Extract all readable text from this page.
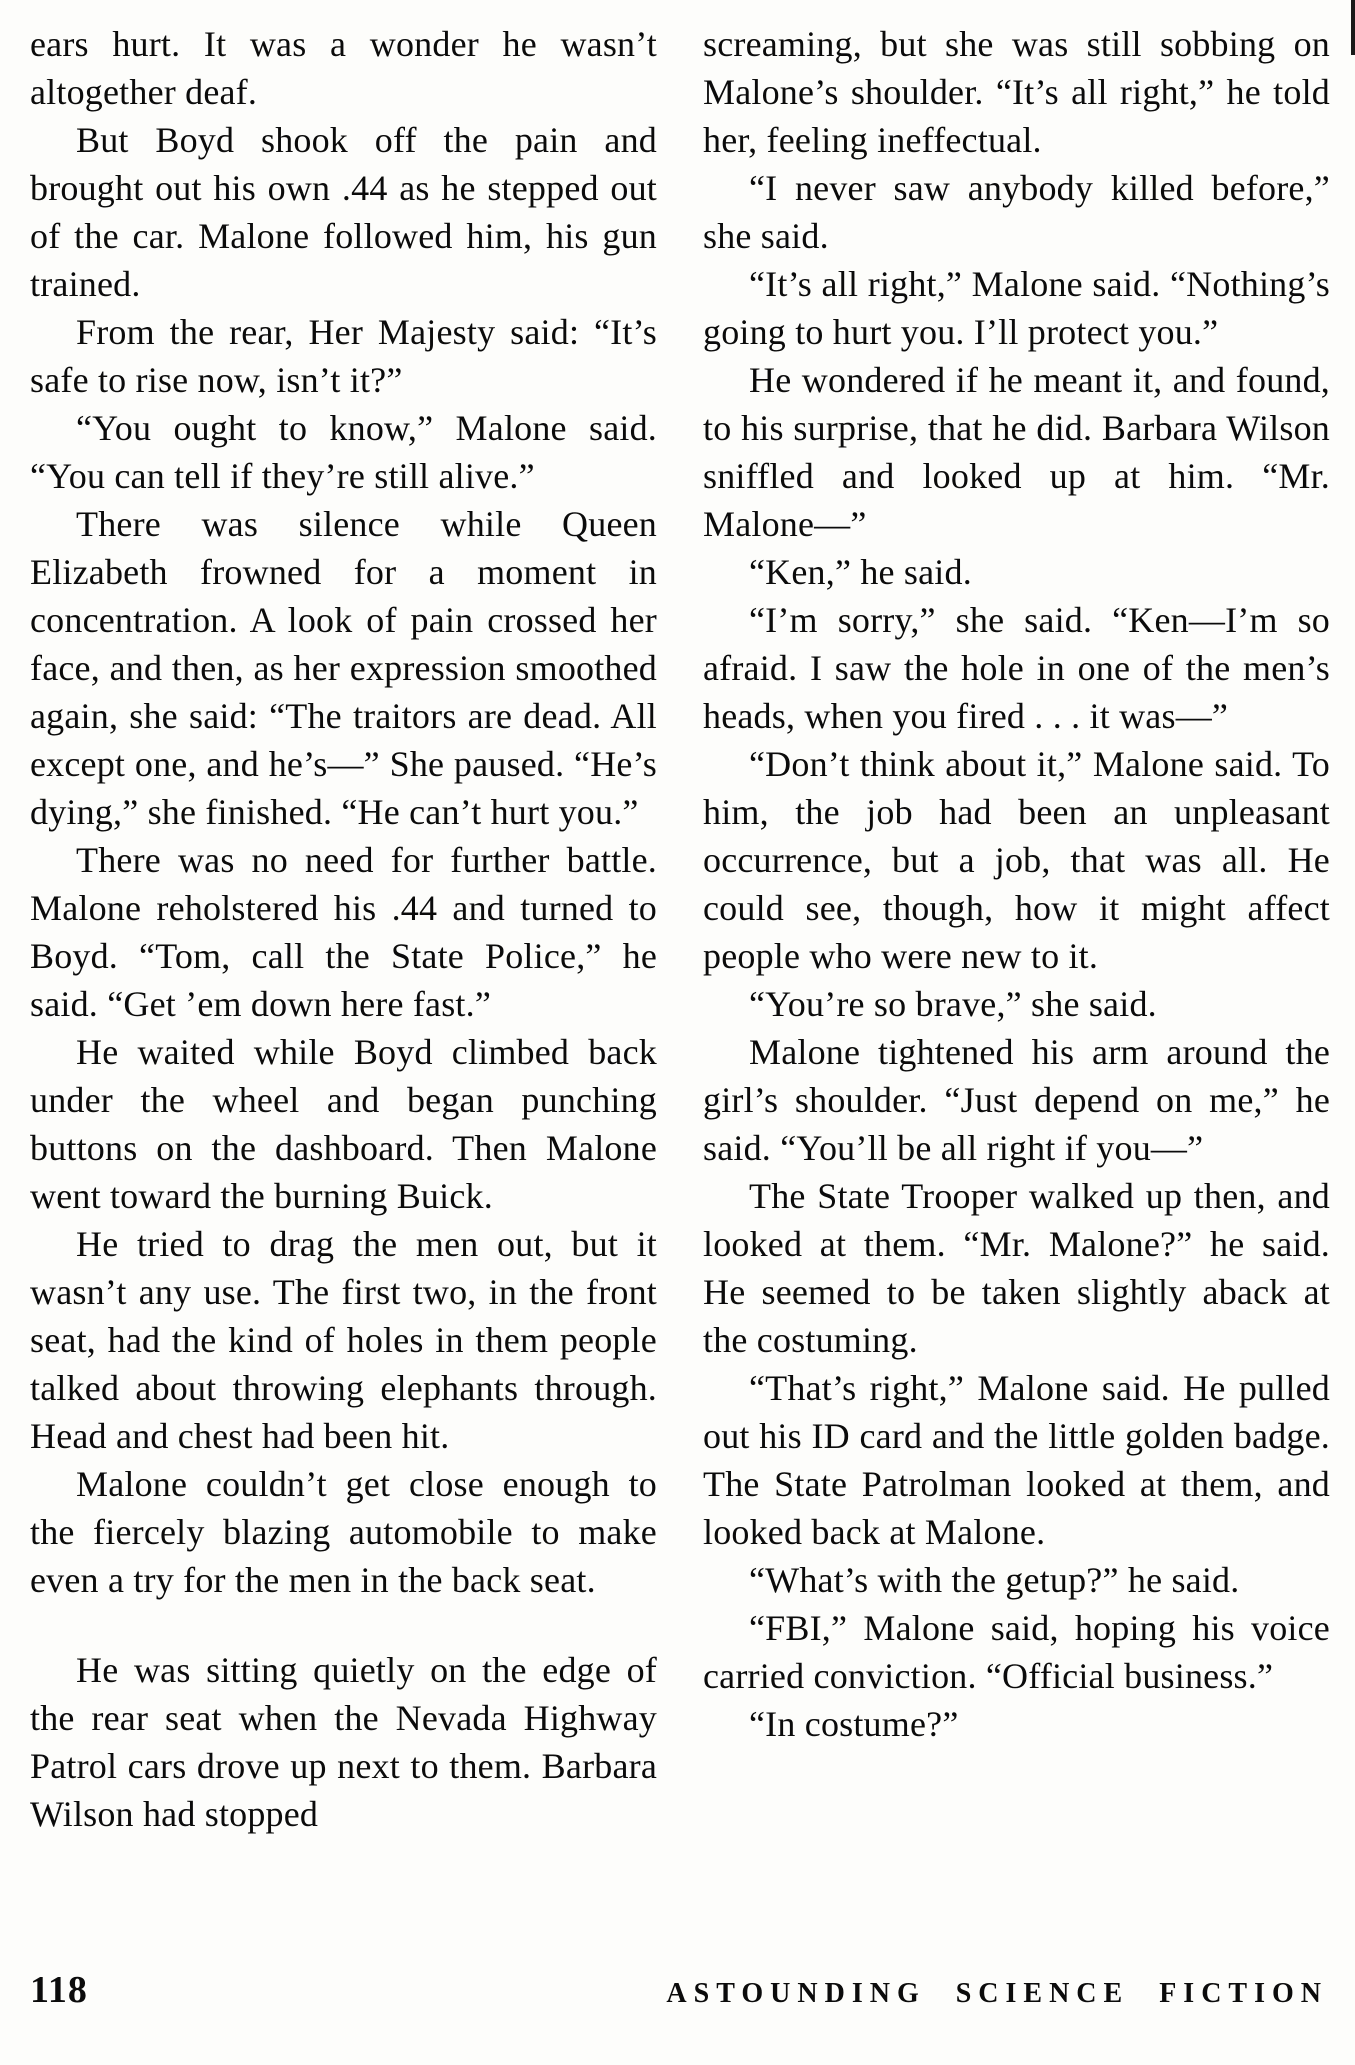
ears hurt. It was a wonder he wasn’t altogether deaf.

But Boyd shook off the pain and brought out his own .44 as he stepped out of the car. Malone followed him, his gun trained.

From the rear, Her Majesty said: “It’s safe to rise now, isn’t it?”

“You ought to know,” Malone said. “You can tell if they’re still alive.”

There was silence while Queen Elizabeth frowned for a moment in concentration. A look of pain crossed her face, and then, as her expression smoothed again, she said: “The traitors are dead. All except one, and he’s—” She paused. “He’s dying,” she finished. “He can’t hurt you.”

There was no need for further battle. Malone reholstered his .44 and turned to Boyd. “Tom, call the State Police,” he said. “Get ’em down here fast.”

He waited while Boyd climbed back under the wheel and began punching buttons on the dashboard. Then Malone went toward the burning Buick.

He tried to drag the men out, but it wasn’t any use. The first two, in the front seat, had the kind of holes in them people talked about throwing elephants through. Head and chest had been hit.

Malone couldn’t get close enough to the fiercely blazing automobile to make even a try for the men in the back seat.

He was sitting quietly on the edge of the rear seat when the Nevada Highway Patrol cars drove up next to them. Barbara Wilson had stopped

screaming, but she was still sobbing on Malone’s shoulder. “It’s all right,” he told her, feeling ineffectual.

“I never saw anybody killed before,” she said.

“It’s all right,” Malone said. “Nothing’s going to hurt you. I’ll protect you.”

He wondered if he meant it, and found, to his surprise, that he did. Barbara Wilson sniffled and looked up at him. “Mr. Malone—”

“Ken,” he said.

“I’m sorry,” she said. “Ken—I’m so afraid. I saw the hole in one of the men’s heads, when you fired . . . it was—”

“Don’t think about it,” Malone said. To him, the job had been an unpleasant occurrence, but a job, that was all. He could see, though, how it might affect people who were new to it.

“You’re so brave,” she said.

Malone tightened his arm around the girl’s shoulder. “Just depend on me,” he said. “You’ll be all right if you—”

The State Trooper walked up then, and looked at them. “Mr. Malone?” he said. He seemed to be taken slightly aback at the costuming.

“That’s right,” Malone said. He pulled out his ID card and the little golden badge. The State Patrolman looked at them, and looked back at Malone.

“What’s with the getup?” he said.

“FBI,” Malone said, hoping his voice carried conviction. “Official business.”

“In costume?”

118	ASTOUNDING SCIENCE FICTION
